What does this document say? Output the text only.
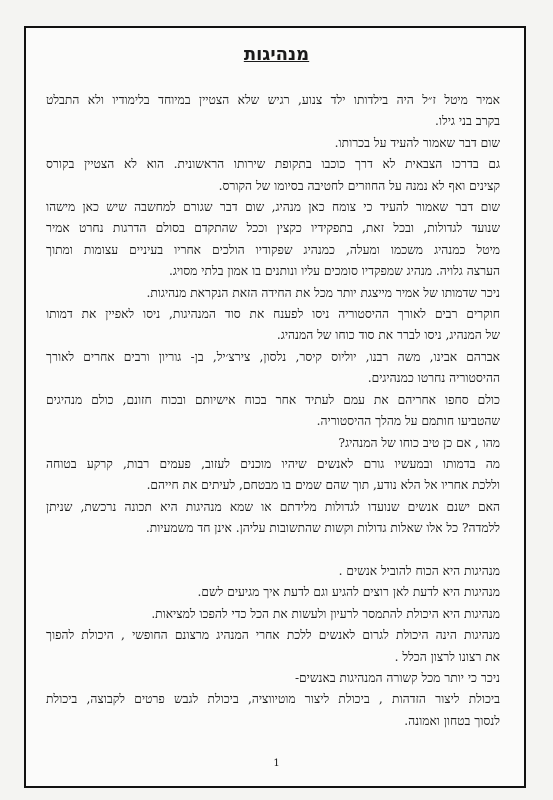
מנהיגות
אמיר מיטל ז״ל היה בילדותו ילד צנוע, רגיש שלא הצטיין במיוחד בלימודיו ולא התבלט
בקרב בני גילו.
שום דבר שאמור להעיד על בכרותו.
גם בדרכו הצבאית לא דרך כוכבו בתקופת שירותו הראשונית. הוא לא הצטיין בקורס
קצינים ואף לא נמנה על החוזרים לחטיבה בסיומו של הקורס.
שום דבר שאמור להעיד כי צומח כאן מנהיג, שום דבר שגורם למחשבה שיש כאן מישהו
שנועד לגדולות, ובכל זאת, בתפקידיו כקצין וככל שהתקדם בסולם הדרגות נחרט אמיר
מיטל כמנהיג משכמו ומעלה, כמנהיג שפקודיו הולכים אחריו בעיניים עצומות ומתוך
הערצה גלויה. מנהיג שמפקדיו סומכים עליו ונותנים בו אמון בלתי מסויג.
ניכר שדמותו של אמיר מייצגת יותר מכל את החידה הזאת הנקראת מנהיגות.
חוקרים רבים לאורך ההיסטוריה ניסו לפענח את סוד המנהיגות, ניסו לאפיין את דמותו
של המנהיג, ניסו לברר את סוד כוחו של המנהיג.
אברהם אבינו, משה רבנו, יוליוס קיסר, נלסון, צירצ׳יל, בן- גוריון ורבים אחרים לאורך
ההיסטוריה נחרטו כמנהיגים.
כולם סחפו אחריהם את עמם לעתיד אחר בכוח אישיותם ובכוח חזונם, כולם מנהיגים
שהטביעו חותמם על מהלך ההיסטוריה.
מהו , אם כן טיב כוחו של המנהיג?
מה בדמותו ובמעשיו גורם לאנשים שיהיו מוכנים לעזוב, פעמים רבות, קרקע בטוחה
וללכת אחריו אל הלא נודע, תוך שהם שמים בו מבטחם, לעיתים את חייהם.
האם ישנם אנשים שנועדו לגדולות מלידתם או שמא מנהיגות היא תכונה נרכשת, שניתן
ללמדה? כל אלו שאלות גדולות וקשות שהתשובות עליהן. אינן חד משמעיות.
מנהיגות היא הכוח להוביל אנשים .
מנהיגות היא לדעת לאן רוצים להגיע וגם לדעת איך מגיעים לשם.
מנהיגות היא היכולת להתמסר לרעיון ולעשות את הכל כדי להפכו למציאות.
מנהיגות הינה היכולת לגרום לאנשים ללכת אחרי המנהיג מרצונם החופשי , היכולת להפוך
את רצונו לרצון הכלל .
ניכר כי יותר מכל קשורה המנהיגות באנשים-
ביכולת ליצור הזדהות , ביכולת ליצור מוטיווציה, ביכולת לגבש פרטים לקבוצה, ביכולת
לנסוך בטחון ואמונה.
1
